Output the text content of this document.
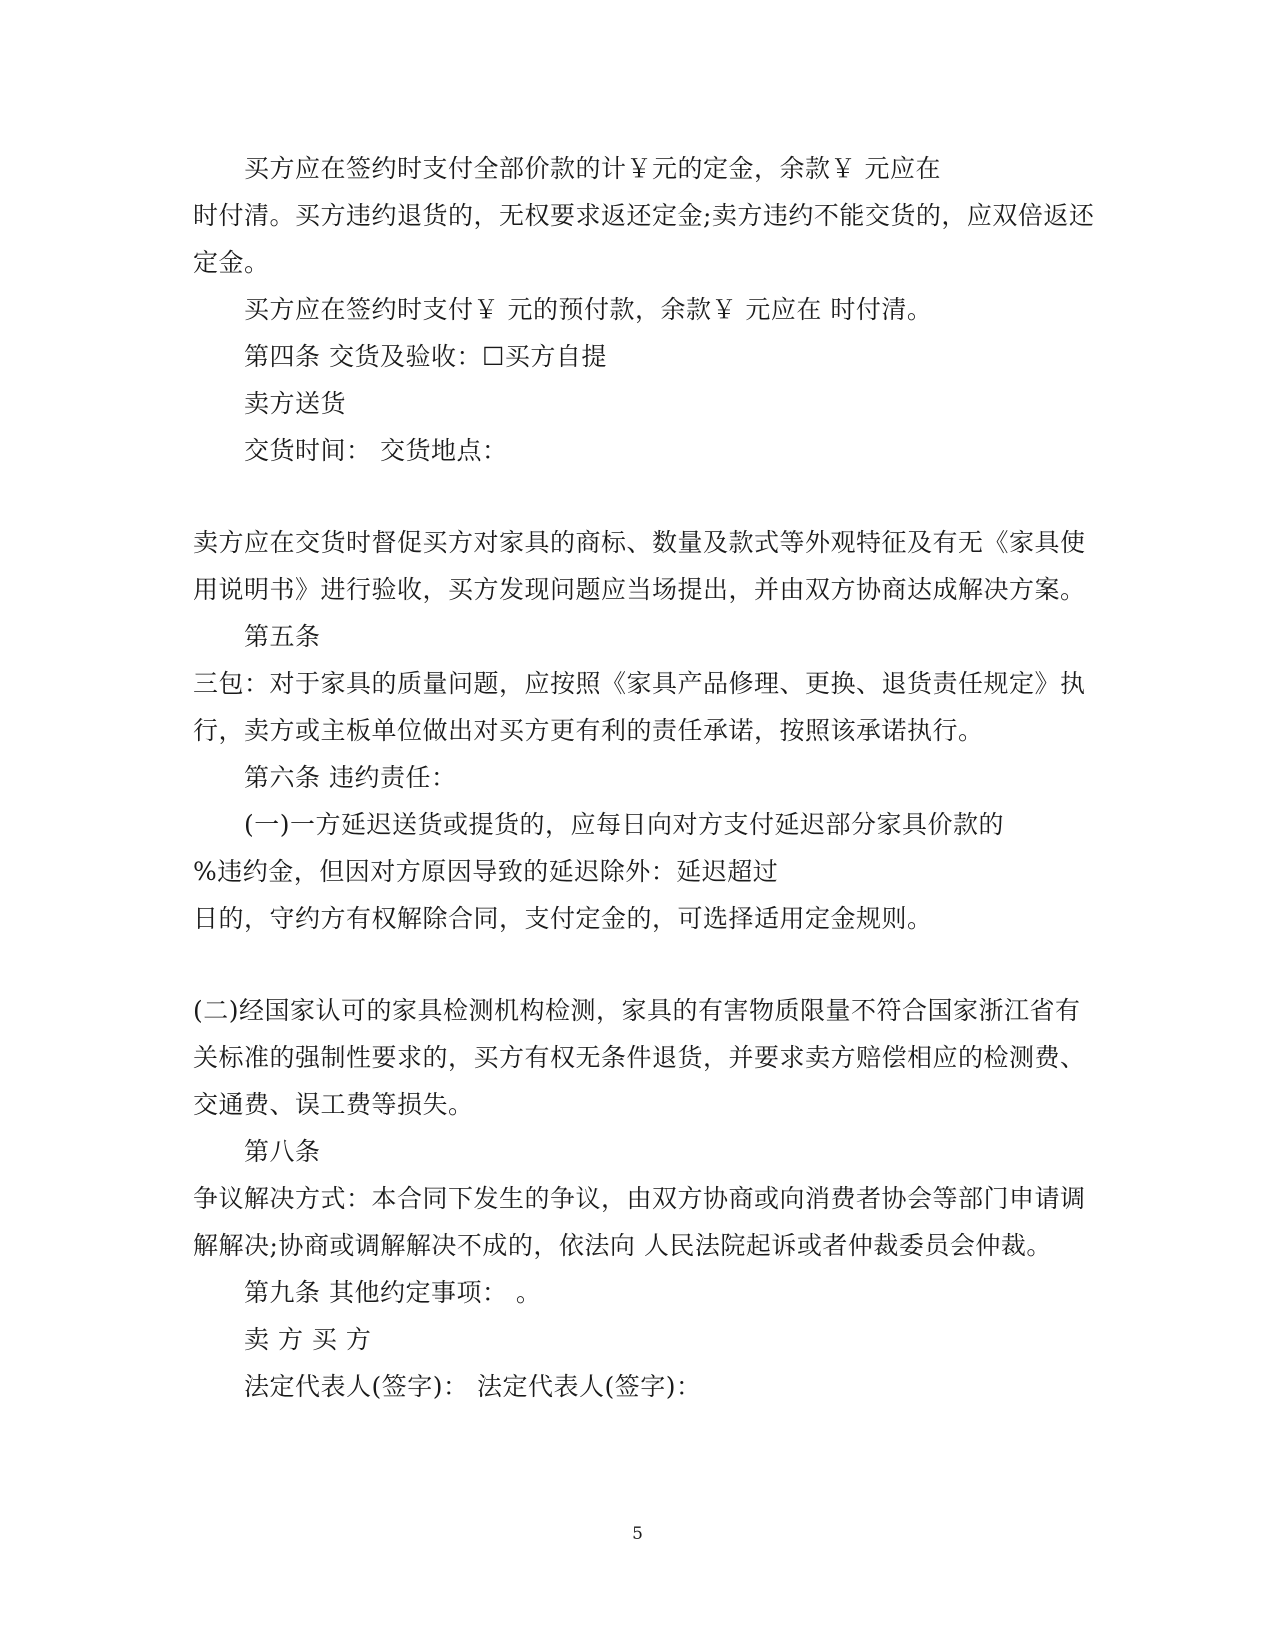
买方应在签约时支付全部价款的计￥元的定金，余款￥ 元应在
时付清。买方违约退货的，无权要求返还定金;卖方违约不能交货的，应双倍返还
定金。
买方应在签约时支付￥ 元的预付款，余款￥ 元应在 时付清。
第四条 交货及验收：☐买方自提
卖方送货
交货时间： 交货地点：
卖方应在交货时督促买方对家具的商标、数量及款式等外观特征及有无《家具使
用说明书》进行验收，买方发现问题应当场提出，并由双方协商达成解决方案。
第五条
三包：对于家具的质量问题，应按照《家具产品修理、更换、退货责任规定》执
行，卖方或主板单位做出对买方更有利的责任承诺，按照该承诺执行。
第六条 违约责任：
(一)一方延迟送货或提货的，应每日向对方支付延迟部分家具价款的
%违约金，但因对方原因导致的延迟除外：延迟超过
日的，守约方有权解除合同，支付定金的，可选择适用定金规则。
(二)经国家认可的家具检测机构检测，家具的有害物质限量不符合国家浙江省有
关标准的强制性要求的，买方有权无条件退货，并要求卖方赔偿相应的检测费、
交通费、误工费等损失。
第八条
争议解决方式：本合同下发生的争议，由双方协商或向消费者协会等部门申请调
解解决;协商或调解解决不成的，依法向 人民法院起诉或者仲裁委员会仲裁。
第九条 其他约定事项： 。
卖 方 买 方
法定代表人(签字)： 法定代表人(签字)：
5
